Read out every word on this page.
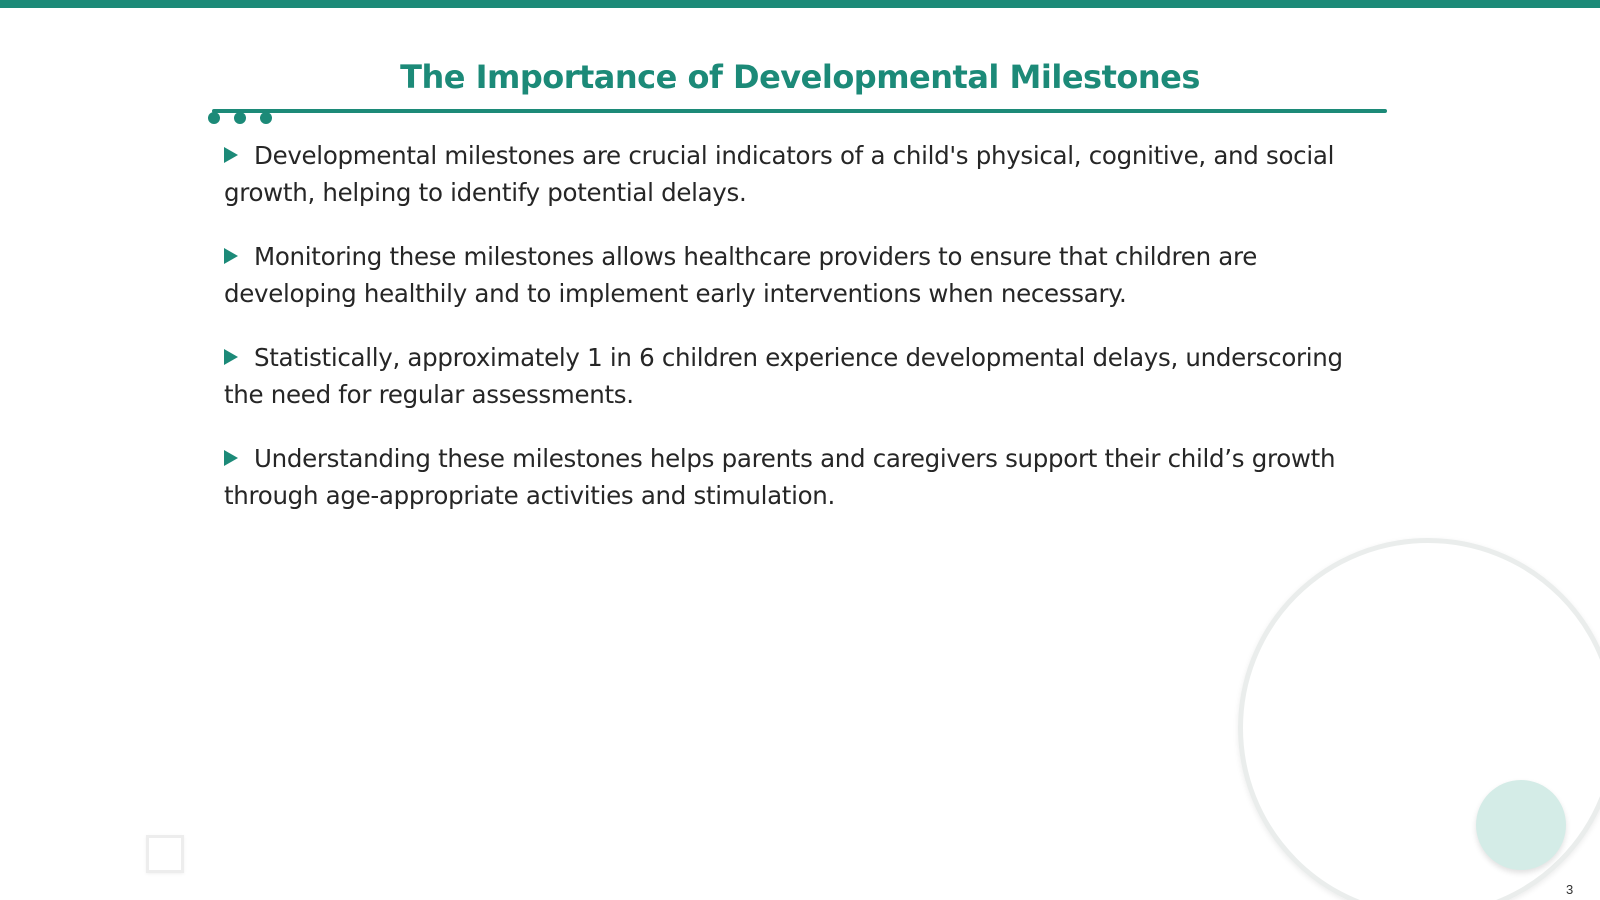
The Importance of Developmental Milestones
Developmental milestones are crucial indicators of a child's physical, cognitive, and social growth, helping to identify potential delays.
Monitoring these milestones allows healthcare providers to ensure that children are developing healthily and to implement early interventions when necessary.
Statistically, approximately 1 in 6 children experience developmental delays, underscoring the need for regular assessments.
Understanding these milestones helps parents and caregivers support their child’s growth through age-appropriate activities and stimulation.
3
